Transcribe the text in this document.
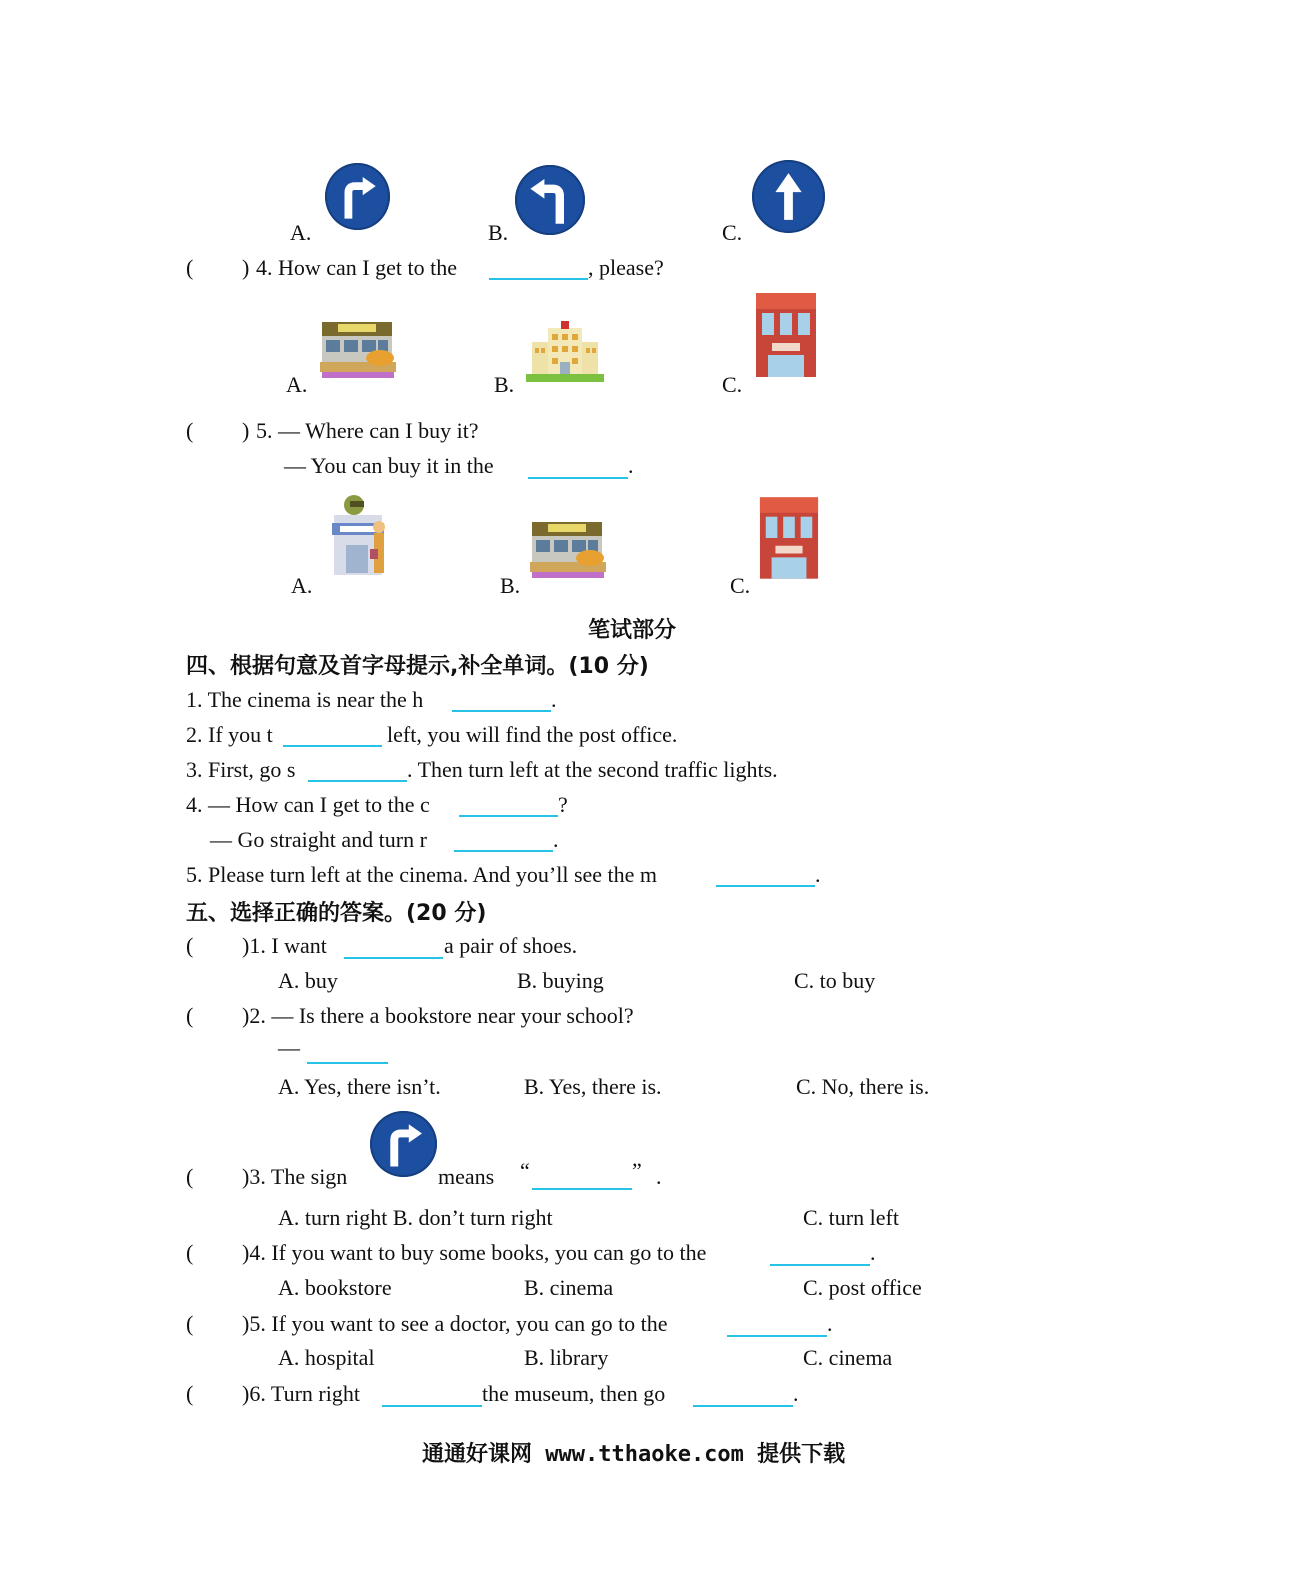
A.	B.	C.
( ) 4. How can I get to the	, please?
A.	B.	C.
( ) 5. — Where can I buy it?
— You can buy it in the	.
A.	B.	C.
笔试部分
四、根据句意及首字母提示,补全单词。(10 分)
1. The cinema is near the h	.
2. If you t	left, you will find the post office.
3. First, go s	. Then turn left at the second traffic lights.
4. — How can I get to the c	?
— Go straight and turn r	.
5. Please turn left at the cinema. And you’ll see the m	.
五、选择正确的答案。(20 分)
( )1. I want	a pair of shoes.
A. buy	B. buying	C. to buy
( )2. — Is there a bookstore near your school?
—
A. Yes, there isn’t.	B. Yes, there is.	C. No, there is.
( )3. The sign	means “	” .
A. turn right B. don’t turn right	C. turn left
( )4. If you want to buy some books, you can go to the	.
A. bookstore	B. cinema	C. post office
( )5. If you want to see a doctor, you can go to the	.
A. hospital	B. library	C. cinema
( )6. Turn right	the museum, then go	.
通通好课网 www.tthaoke.com 提供下载
